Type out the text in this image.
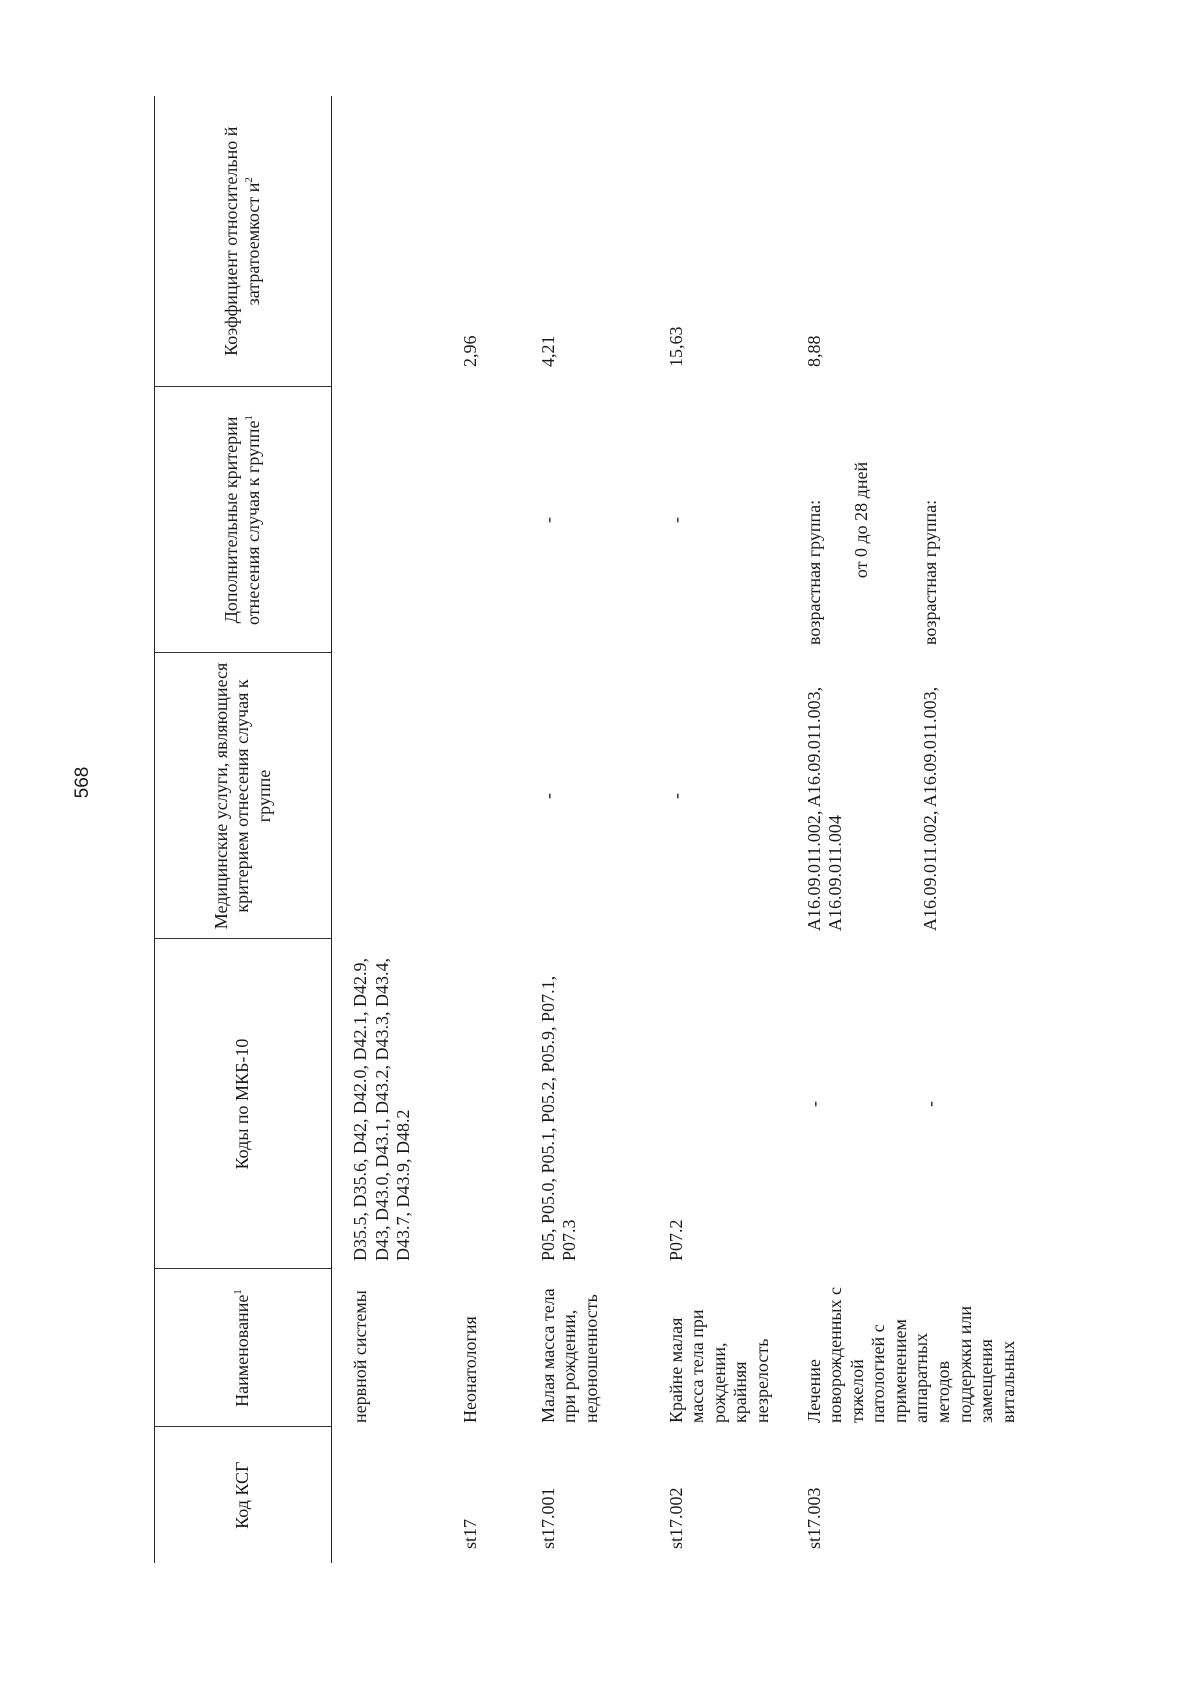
568

Код КСГ	Наименование$^1$	Коды по МКБ-10	Медицинские услуги, являющиеся критерием отнесения случая к группе	Дополнительные критерии отнесения случая к группе$^1$	Коэффициент относительно й затратоемкост $и^2$
	нервной системы	D35.5, D35.6, D42, D42.0, D42.1, D42.9, D43, D43.0, D43.1, D43.2, D43.3, D43.4, D43.7, D43.9, D48.2			

st17	Неонатология				2,96
st17.001	Малая масса тела при рождении, недоношенность	P05, P05.0, P05.1, P05.2, P05.9, P07.1, P07.3	-	-	4,21
st17.002	Крайне малая масса тела при рождении, крайняя незрелость	P07.2	-	-	15,63
st17.003	Лечение новорожденных с тяжелой патологией с применением аппаратных методов поддержки или замещения витальных	-	A16.09.011.002, A16.09.011.003, A16.09.011.004	возрастная группа: от 0 до 28 дней	8,88
		-	A16.09.011.002, A16.09.011.003,	возрастная группа:	
